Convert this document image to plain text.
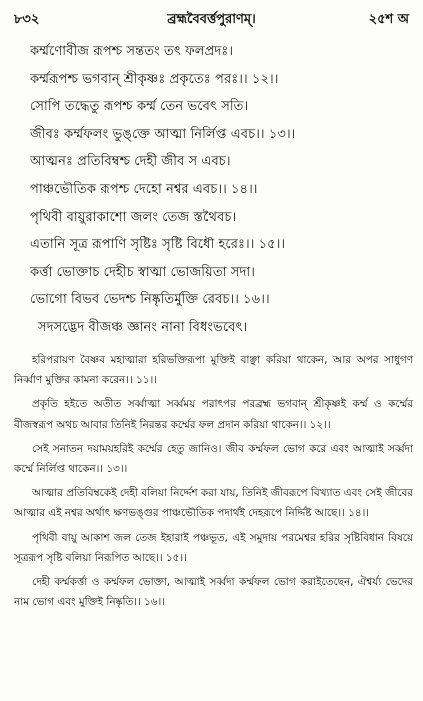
৮৩২	ব্রহ্মবৈবর্ত্তপুরাণম্।	২৫শ অ
কর্ম্মণোবীজ রূপশ্চ সন্ততং তৎ ফলপ্রদঃ।
কর্ম্মরূপশ্চ ভগবান্ শ্রীকৃষ্ণঃ প্রকৃতেঃ পরঃ।। ১২।।
সোপি তদ্ধেতু রূপশ্চ কর্ম্ম তেন ভবেৎ সতি।
জীবঃ কর্ম্মফলং ভুঙ্‌ক্তে আত্মা নির্লিপ্ত এবচ।। ১৩।।
আত্মনঃ প্রতিবিম্বশ্চ দেহী জীব স এবচ।
পাঞ্চভৌতিক রূপশ্চ দেহো নশ্বর এবচ।। ১৪।।
পৃথিবী বায়ুরাকাশো জলং তেজ স্তথৈবচ।
এতানি সূত্র রূপাণি সৃষ্টিঃ সৃষ্টি বিধৌ হরেঃ।। ১৫।।
কর্ত্তা ভোক্তাচ দেহীচ স্বাত্মা ভোজয়িতা সদা।
ভোগো বিভব ভেদশ্চ নিষ্কৃতির্মুক্তি রেবচ।। ১৬।।
সদসদ্ভেদ বীজঞ্চ জ্ঞানং নানা বিধংভবেৎ।

হরিপরায়ণ বৈষ্ণব মহাত্মারা হরিভক্তিরূপা মুক্তিই বাঞ্ছা করিয়া থাকেন, আর অপর সাধুগণ নির্ব্বাণ মুক্তির কামনা করেন।। ১১।।

প্রকৃতি হইতে অতীত সর্ব্বাত্মা সর্ব্বময় পরাৎপর পরব্রহ্ম ভগবান্ শ্রীকৃষ্ণই কর্ম্ম ও কর্ম্মের বীজস্বরূপ অথচ আবার তিনিই নিরন্তর কর্ম্মের ফল প্রদান করিয়া থাকেন।। ১২।।

সেই সনাতন দয়াময়হরিই কর্ম্মের হেতু জানিও। জীব কর্ম্মফল ভোগ করে এবং আত্মাই সর্ব্বদা কর্ম্মে নির্লিপ্ত থাকেন।। ১৩।।

আত্মার প্রতিবিম্বকেই দেহী বলিয়া নির্দ্দেশ করা যায়, তিনিই জীবরূপে বিখ্যাত এবং সেই জীবের আত্মার এই নশ্বর অর্থাৎ ক্ষণভঙ্গুর পাঞ্চভৌতিক পদার্থই দেহরূপে নির্দ্দিষ্ট আছে।। ১৪।।

পৃথিবী বায়ু আকাশ জল তেজ ইহারাই পঞ্চভূত, এই সমুদায় পরমেশ্বর হরির সৃষ্টিবিধান বিষয়ে সূত্ররূপ সৃষ্টি বলিয়া নিরূপিত আছে।। ১৫।।

দেহী কর্ম্মকর্ত্তা ও কর্ম্মফল ভোক্তা, আত্মাই সর্ব্বদা কর্ম্মফল ভোগ করাইতেছেন, ঐশ্বর্য্য ভেদের নাম ভোগ এবং মুক্তিই নিষ্কৃতি।। ১৬।।
